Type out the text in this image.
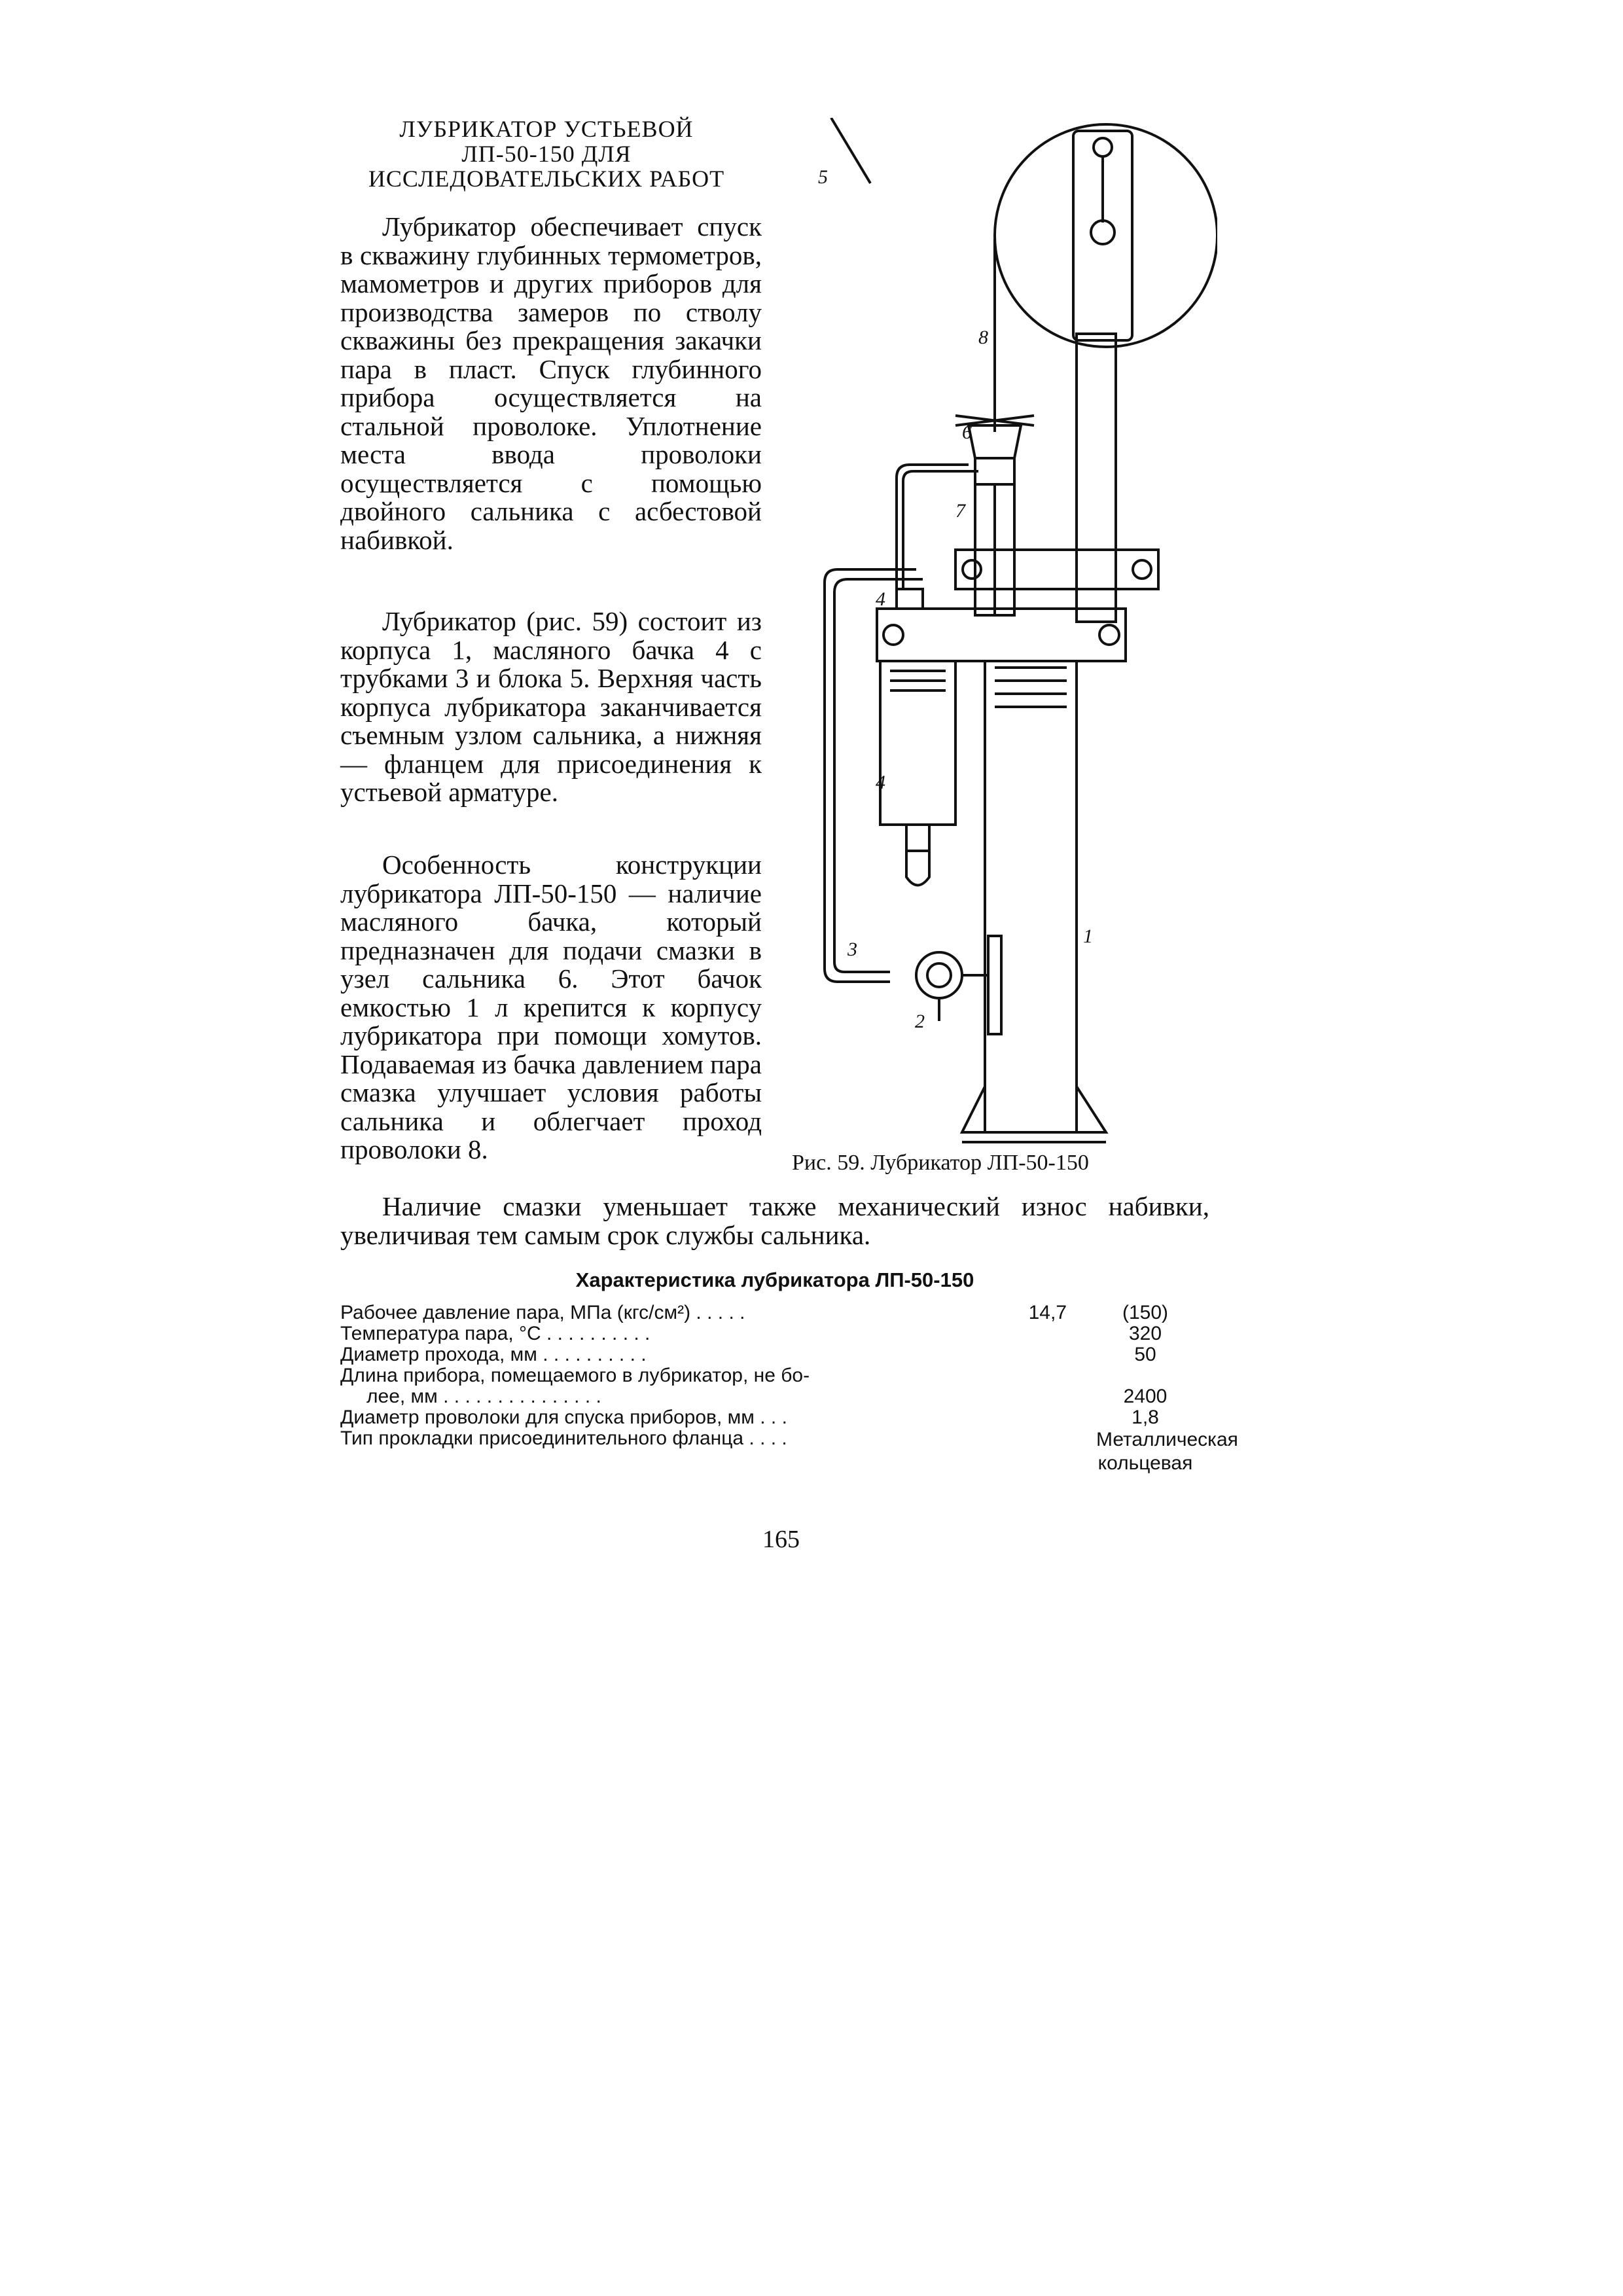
ЛУБРИКАТОР УСТЬЕВОЙ
ЛП-50-150 ДЛЯ
ИССЛЕДОВАТЕЛЬСКИХ РАБОТ

Лубрикатор обеспечивает спуск в скважину глубинных термометров, мамометров и других приборов для производства замеров по стволу скважины без прекращения закачки пара в пласт. Спуск глубинного прибора осуществляется на стальной проволоке. Уплотнение места ввода проволоки осуществляется с помощью двойного сальника с асбестовой набивкой.

Лубрикатор (рис. 59) состоит из корпуса 1, масляного бачка 4 с трубками 3 и блока 5. Верхняя часть корпуса лубрикатора заканчивается съемным узлом сальника, а нижняя — фланцем для присоединения к устьевой арматуре.

Особенность конструкции лубрикатора ЛП-50-150 — наличие масляного бачка, который предназначен для подачи смазки в узел сальника 6. Этот бачок емкостью 1 л крепится к корпусу лубрикатора при помощи хомутов. Подаваемая из бачка давлением пара смазка улучшает условия работы сальника и облегчает проход проволоки 8.

Наличие смазки уменьшает также механический износ набивки, увеличивая тем самым срок службы сальника.

5
8
6
7
4
4
3
2
1
Рис. 59. Лубрикатор ЛП-50-150
Характеристика лубрикатора ЛП-50-150
Рабочее давление пара, МПа (кгс/см²) . . . . .	14,7	(150)
Температура пара, °С . . . . . . . . . .	320
Диаметр прохода, мм . . . . . . . . . .	50
Длина прибора, помещаемого в лубрикатор, не бо-
лее, мм . . . . . . . . . . . . . . .	2400
Диаметр проволоки для спуска приборов, мм . . .	1,8
Тип прокладки присоединительного фланца . . . .	Металлическая кольцевая
165
